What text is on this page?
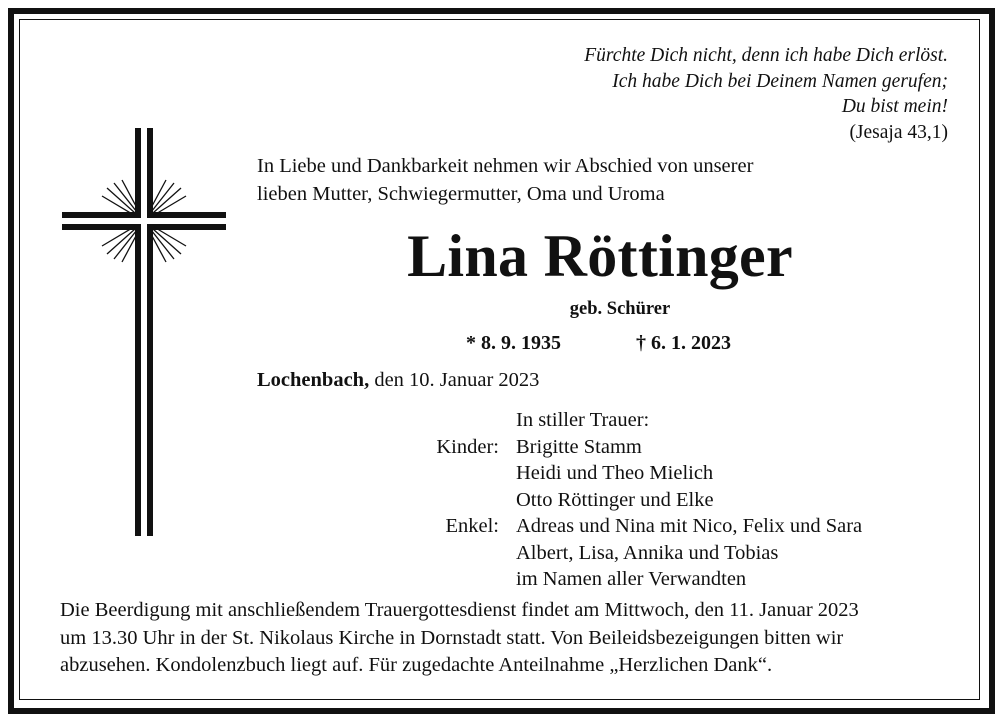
Fürchte Dich nicht, denn ich habe Dich erlöst.
Ich habe Dich bei Deinem Namen gerufen;
Du bist mein!
(Jesaja 43,1)
In Liebe und Dankbarkeit nehmen wir Abschied von unserer
lieben Mutter, Schwiegermutter, Oma und Uroma
Lina Röttinger
geb. Schürer
* 8. 9. 1935	† 6. 1. 2023
Lochenbach, den 10. Januar 2023
In stiller Trauer:
Kinder: Brigitte Stamm
Heidi und Theo Mielich
Otto Röttinger und Elke
Enkel: Adreas und Nina mit Nico, Felix und Sara
Albert, Lisa, Annika und Tobias
im Namen aller Verwandten
Die Beerdigung mit anschließendem Trauergottesdienst findet am Mittwoch, den 11. Januar 2023
um 13.30 Uhr in der St. Nikolaus Kirche in Dornstadt statt. Von Beileidsbezeigungen bitten wir
abzusehen. Kondolenzbuch liegt auf. Für zugedachte Anteilnahme „Herzlichen Dank“.
